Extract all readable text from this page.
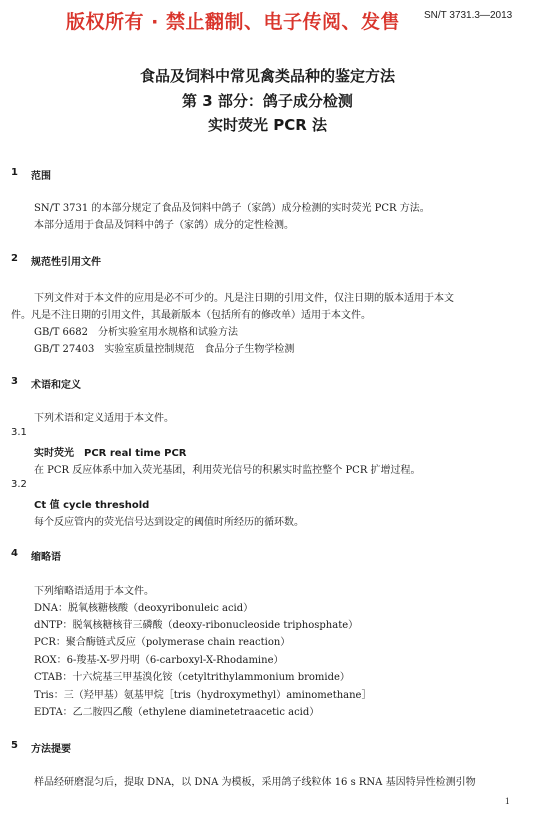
版权所有 · 禁止翻制、电子传阅、发售 SN/T 3731.3—2013
食品及饲料中常见禽类品种的鉴定方法
第 3 部分：鸽子成分检测
实时荧光 PCR 法
1 范围
SN/T 3731 的本部分规定了食品及饲料中鸽子（家鸽）成分检测的实时荧光 PCR 方法。
本部分适用于食品及饲料中鸽子（家鸽）成分的定性检测。
2 规范性引用文件
下列文件对于本文件的应用是必不可少的。凡是注日期的引用文件，仅注日期的版本适用于本文
件。凡是不注日期的引用文件，其最新版本（包括所有的修改单）适用于本文件。
GB/T 6682　分析实验室用水规格和试验方法
GB/T 27403　实验室质量控制规范　食品分子生物学检测
3 术语和定义
下列术语和定义适用于本文件。
3.1
实时荧光　PCR real time PCR
在 PCR 反应体系中加入荧光基团，利用荧光信号的积累实时监控整个 PCR 扩增过程。
3.2
Ct 值 cycle threshold
每个反应管内的荧光信号达到设定的阈值时所经历的循环数。
4 缩略语
下列缩略语适用于本文件。
DNA：脱氧核糖核酸（deoxyribonuleic acid）
dNTP：脱氧核糖核苷三磷酸（deoxy-ribonucleoside triphosphate）
PCR：聚合酶链式反应（polymerase chain reaction）
ROX：6-羧基-X-罗丹明（6-carboxyl-X-Rhodamine）
CTAB：十六烷基三甲基溴化铵（cetyltrithylammonium bromide）
Tris：三（羟甲基）氨基甲烷［tris（hydroxymethyl）aminomethane］
EDTA：乙二胺四乙酸（ethylene diaminetetraacetic acid）
5 方法提要
样品经研磨混匀后，提取 DNA，以 DNA 为模板，采用鸽子线粒体 16 s RNA 基因特异性检测引物
1
